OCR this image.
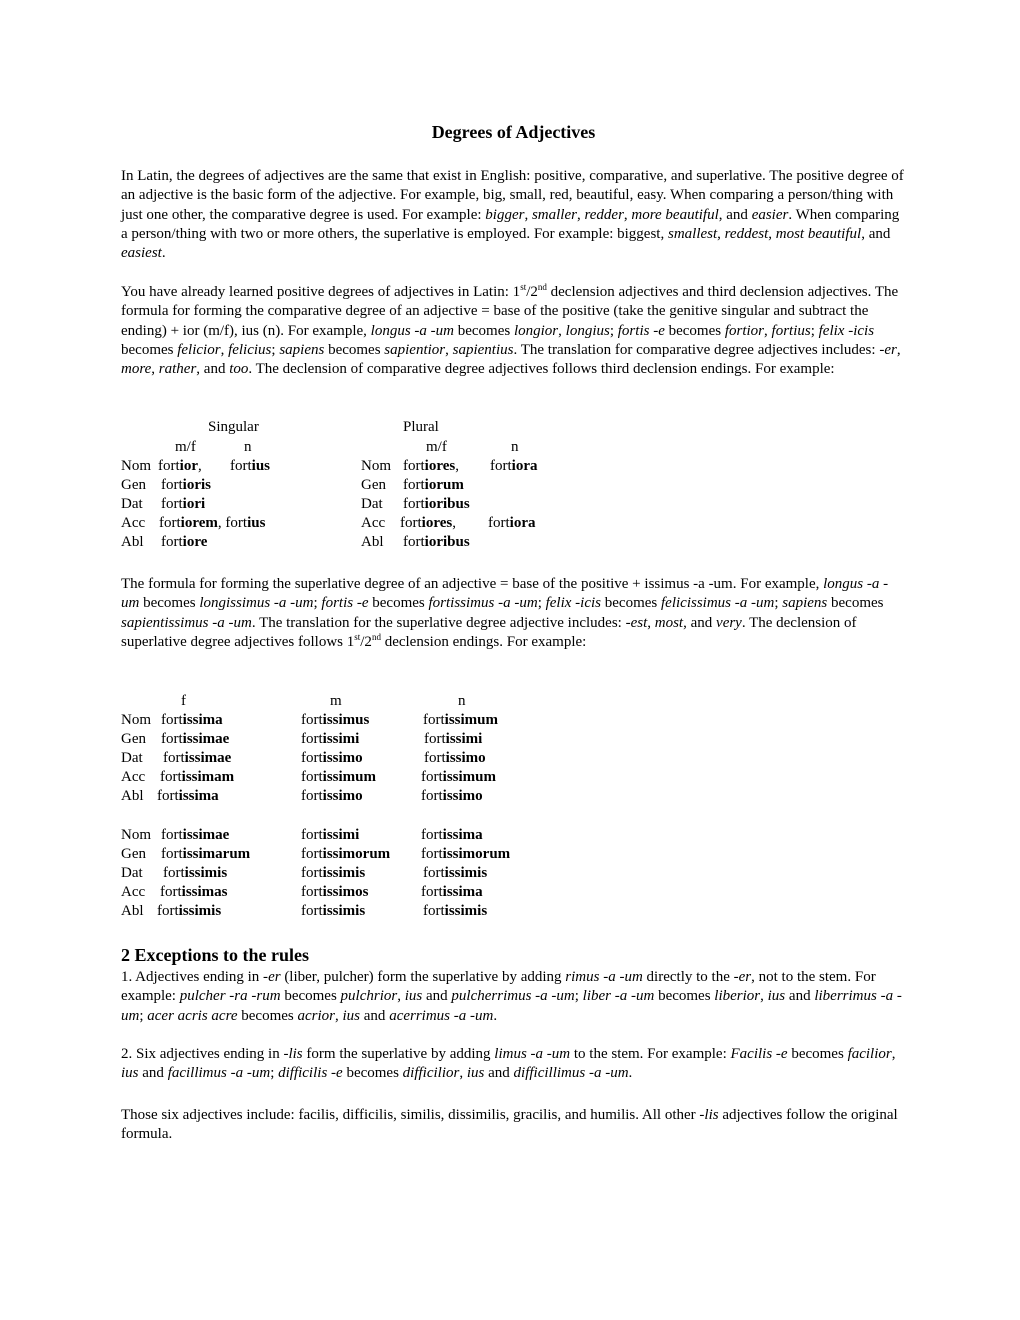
Degrees of Adjectives

In Latin, the degrees of adjectives are the same that exist in English: positive, comparative, and superlative. The positive degree of an adjective is the basic form of the adjective. For example, big, small, red, beautiful, easy. When comparing a person/thing with just one other, the comparative degree is used. For example: bigger, smaller, redder, more beautiful, and easier. When comparing a person/thing with two or more others, the superlative is employed. For example: biggest, smallest, reddest, most beautiful, and easiest.

You have already learned positive degrees of adjectives in Latin: 1st/2nd declension adjectives and third declension adjectives. The formula for forming the comparative degree of an adjective = base of the positive (take the genitive singular and subtract the ending) + ior (m/f), ius (n). For example, longus -a -um becomes longior, longius; fortis -e becomes fortior, fortius; felix -icis becomes felicior, felicius; sapiens becomes sapientior, sapientius. The translation for comparative degree adjectives includes: -er, more, rather, and too. The declension of comparative degree adjectives follows third declension endings. For example:

Singular	Plural
m/f	n	m/f	n
Nom fortior, fortius	Nom fortiores, fortiora
Gen fortioris	Gen fortiorum
Dat fortiori	Dat fortioribus
Acc fortiorem, fortius	Acc fortiores, fortiora
Abl fortiore	Abl fortioribus

The formula for forming the superlative degree of an adjective = base of the positive + issimus -a -um. For example, longus -a -um becomes longissimus -a -um; fortis -e becomes fortissimus -a -um; felix -icis becomes felicissimus -a -um; sapiens becomes sapientissimus -a -um. The translation for the superlative degree adjective includes: -est, most, and very. The declension of superlative degree adjectives follows 1st/2nd declension endings. For example:

f	m	n
Nom fortissima	fortissimus	fortissimum
Gen fortissimae	fortissimi	fortissimi
Dat fortissimae	fortissimo	fortissimo
Acc fortissimam	fortissimum	fortissimum
Abl fortissima	fortissimo	fortissimo
Nom fortissimae	fortissimi	fortissima
Gen fortissimarum	fortissimorum fortissimorum
Dat fortissimis	fortissimis	fortissimis
Acc fortissimas	fortissimos	fortissima
Abl fortissimis	fortissimis	fortissimis
2 Exceptions to the rules

1. Adjectives ending in -er (liber, pulcher) form the superlative by adding rimus -a -um directly to the -er, not to the stem. For example: pulcher -ra -rum becomes pulchrior, ius and pulcherrimus -a -um; liber -a -um becomes liberior, ius and liberrimus -a -um; acer acris acre becomes acrior, ius and acerrimus -a -um.

2. Six adjectives ending in -lis form the superlative by adding limus -a -um to the stem. For example: Facilis -e becomes facilior, ius and facillimus -a -um; difficilis -e becomes difficilior, ius and difficillimus -a -um.

Those six adjectives include: facilis, difficilis, similis, dissimilis, gracilis, and humilis. All other -lis adjectives follow the original formula.
